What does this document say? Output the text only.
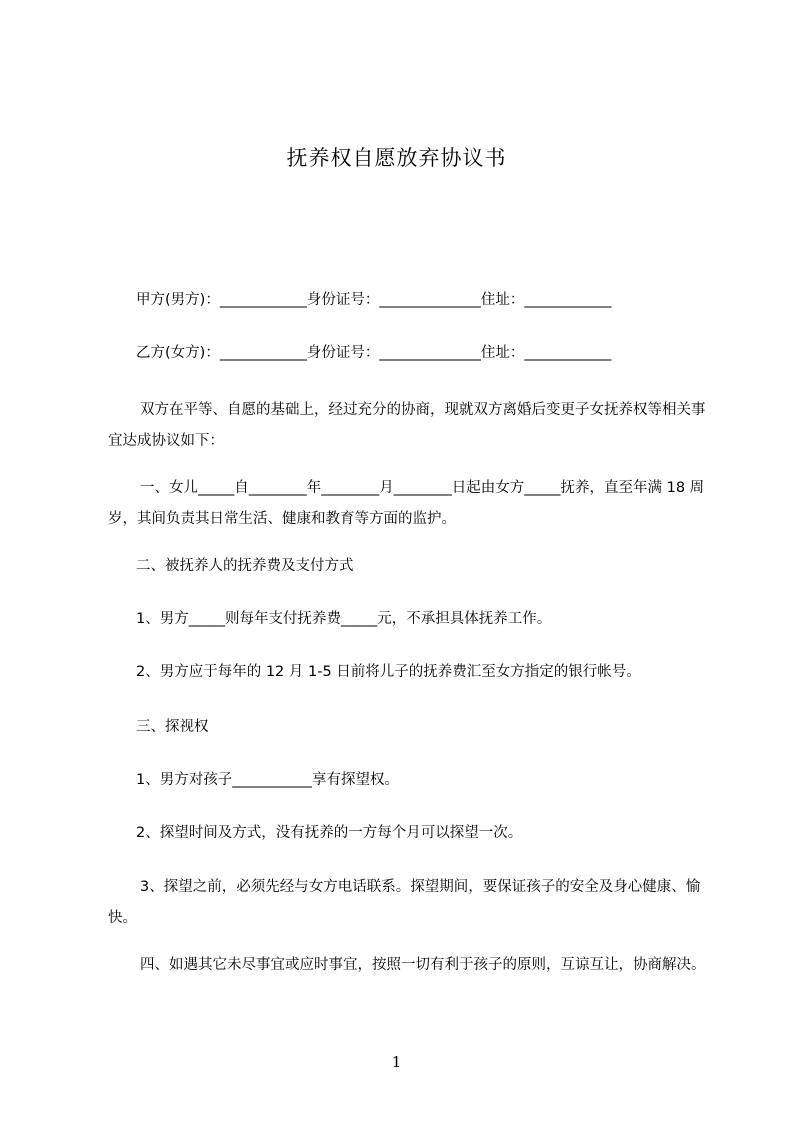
抚养权自愿放弃协议书
甲方(男方)：____________身份证号：______________住址：____________
乙方(女方)：____________身份证号：______________住址：____________
双方在平等、自愿的基础上，经过充分的协商，现就双方离婚后变更子女抚养权等相关事宜达成协议如下：
一、女儿_____自________年________月________日起由女方_____抚养，直至年满 18 周岁，其间负责其日常生活、健康和教育等方面的监护。
二、被抚养人的抚养费及支付方式
1、男方_____则每年支付抚养费_____元，不承担具体抚养工作。
2、男方应于每年的 12 月 1-5 日前将儿子的抚养费汇至女方指定的银行帐号。
三、探视权
1、男方对孩子___________享有探望权。
2、探望时间及方式，没有抚养的一方每个月可以探望一次。
3、探望之前，必须先经与女方电话联系。探望期间，要保证孩子的安全及身心健康、愉快。
四、如遇其它未尽事宜或应时事宜，按照一切有利于孩子的原则，互谅互让，协商解决。
1
